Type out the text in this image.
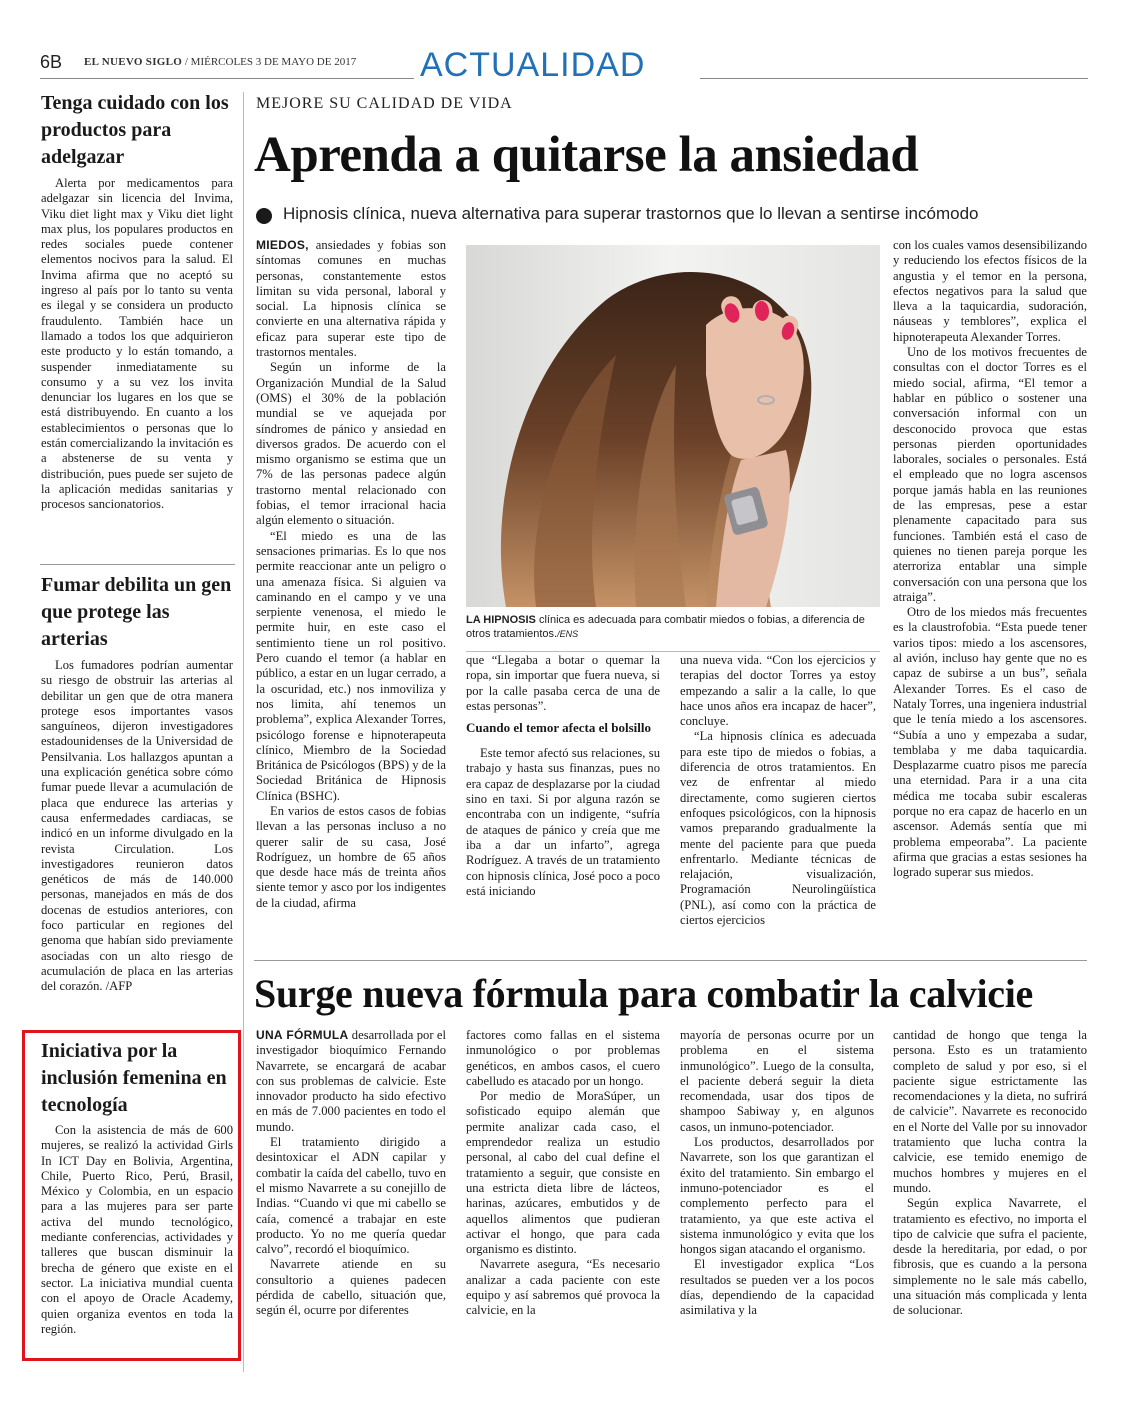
6B EL NUEVO SIGLO / MIÉRCOLES 3 DE MAYO DE 2017 ACTUALIDAD
Tenga cuidado con los productos para adelgazar

Alerta por medicamentos para adelgazar sin licencia del Invima, Viku diet light max y Viku diet light max plus, los populares productos en redes sociales puede contener elementos nocivos para la salud. El Invima afirma que no aceptó su ingreso al país por lo tanto su venta es ilegal y se considera un producto fraudulento. También hace un llamado a todos los que adquirieron este producto y lo están tomando, a suspender inmediatamente su consumo y a su vez los invita denunciar los lugares en los que se está distribuyendo. En cuanto a los establecimientos o personas que lo están comercializando la invitación es a abstenerse de su venta y distribución, pues puede ser sujeto de la aplicación medidas sanitarias y procesos sancionatorios.

Fumar debilita un gen que protege las arterias

Los fumadores podrían aumentar su riesgo de obstruir las arterias al debilitar un gen que de otra manera protege esos importantes vasos sanguíneos, dijeron investigadores estadounidenses de la Universidad de Pensilvania. Los hallazgos apuntan a una explicación genética sobre cómo fumar puede llevar a acumulación de placa que endurece las arterias y causa enfermedades cardiacas, se indicó en un informe divulgado en la revista Circulation. Los investigadores reunieron datos genéticos de más de 140.000 personas, manejados en más de dos docenas de estudios anteriores, con foco particular en regiones del genoma que habían sido previamente asociadas con un alto riesgo de acumulación de placa en las arterias del corazón. /AFP

Iniciativa por la inclusión femenina en tecnología

Con la asistencia de más de 600 mujeres, se realizó la actividad Girls In ICT Day en Bolivia, Argentina, Chile, Puerto Rico, Perú, Brasil, México y Colombia, en un espacio para a las mujeres para ser parte activa del mundo tecnológico, mediante conferencias, actividades y talleres que buscan disminuir la brecha de género que existe en el sector. La iniciativa mundial cuenta con el apoyo de Oracle Academy, quien organiza eventos en toda la región.

MEJORE SU CALIDAD DE VIDA
Aprenda a quitarse la ansiedad
Hipnosis clínica, nueva alternativa para superar trastornos que lo llevan a sentirse incómodo

MIEDOS, ansiedades y fobias son síntomas comunes en muchas personas, constantemente estos limitan su vida personal, laboral y social. La hipnosis clínica se convierte en una alternativa rápida y eficaz para superar este tipo de trastornos mentales.

Según un informe de la Organización Mundial de la Salud (OMS) el 30% de la población mundial se ve aquejada por síndromes de pánico y ansiedad en diversos grados. De acuerdo con el mismo organismo se estima que un 7% de las personas padece algún trastorno mental relacionado con fobias, el temor irracional hacia algún elemento o situación.

“El miedo es una de las sensaciones primarias. Es lo que nos permite reaccionar ante un peligro o una amenaza física. Si alguien va caminando en el campo y ve una serpiente venenosa, el miedo le permite huir, en este caso el sentimiento tiene un rol positivo. Pero cuando el temor (a hablar en público, a estar en un lugar cerrado, a la oscuridad, etc.) nos inmoviliza y nos limita, ahí tenemos un problema”, explica Alexander Torres, psicólogo forense e hipnoterapeuta clínico, Miembro de la Sociedad Británica de Psicólogos (BPS) y de la Sociedad Británica de Hipnosis Clínica (BSHC).

En varios de estos casos de fobias llevan a las personas incluso a no querer salir de su casa, José Rodríguez, un hombre de 65 años que desde hace más de treinta años siente temor y asco por los indigentes de la ciudad, afirma

LA HIPNOSIS clínica es adecuada para combatir miedos o fobias, a diferencia de otros tratamientos./ENS

que “Llegaba a botar o quemar la ropa, sin importar que fuera nueva, si por la calle pasaba cerca de una de estas personas”.

Cuando el temor afecta el bolsillo

Este temor afectó sus relaciones, su trabajo y hasta sus finanzas, pues no era capaz de desplazarse por la ciudad sino en taxi. Si por alguna razón se encontraba con un indigente, “sufría de ataques de pánico y creía que me iba a dar un infarto”, agrega Rodríguez. A través de un tratamiento con hipnosis clínica, José poco a poco está iniciando

una nueva vida. “Con los ejercicios y terapias del doctor Torres ya estoy empezando a salir a la calle, lo que hace unos años era incapaz de hacer”, concluye.

“La hipnosis clínica es adecuada para este tipo de miedos o fobias, a diferencia de otros tratamientos. En vez de enfrentar al miedo directamente, como sugieren ciertos enfoques psicológicos, con la hipnosis vamos preparando gradualmente la mente del paciente para que pueda enfrentarlo. Mediante técnicas de relajación, visualización, Programación Neurolingüística (PNL), así como con la práctica de ciertos ejercicios

con los cuales vamos desensibilizando y reduciendo los efectos físicos de la angustia y el temor en la persona, efectos negativos para la salud que lleva a la taquicardia, sudoración, náuseas y temblores”, explica el hipnoterapeuta Alexander Torres.

Uno de los motivos frecuentes de consultas con el doctor Torres es el miedo social, afirma, “El temor a hablar en público o sostener una conversación informal con un desconocido provoca que estas personas pierden oportunidades laborales, sociales o personales. Está el empleado que no logra ascensos porque jamás habla en las reuniones de las empresas, pese a estar plenamente capacitado para sus funciones. También está el caso de quienes no tienen pareja porque les aterroriza entablar una simple conversación con una persona que los atraiga”.

Otro de los miedos más frecuentes es la claustrofobia. “Esta puede tener varios tipos: miedo a los ascensores, al avión, incluso hay gente que no es capaz de subirse a un bus”, señala Alexander Torres. Es el caso de Nataly Torres, una ingeniera industrial que le tenía miedo a los ascensores. “Subía a uno y empezaba a sudar, temblaba y me daba taquicardia. Desplazarme cuatro pisos me parecía una eternidad. Para ir a una cita médica me tocaba subir escaleras porque no era capaz de hacerlo en un ascensor. Además sentía que mi problema empeoraba”. La paciente afirma que gracias a estas sesiones ha logrado superar sus miedos.

Surge nueva fórmula para combatir la calvicie

UNA FÓRMULA desarrollada por el investigador bioquímico Fernando Navarrete, se encargará de acabar con sus problemas de calvicie. Este innovador producto ha sido efectivo en más de 7.000 pacientes en todo el mundo.

El tratamiento dirigido a desintoxicar el ADN capilar y combatir la caída del cabello, tuvo en el mismo Navarrete a su conejillo de Indias. “Cuando vi que mi cabello se caía, comencé a trabajar en este producto. Yo no me quería quedar calvo”, recordó el bioquímico.

Navarrete atiende en su consultorio a quienes padecen pérdida de cabello, situación que, según él, ocurre por diferentes

factores como fallas en el sistema inmunológico o por problemas genéticos, en ambos casos, el cuero cabelludo es atacado por un hongo.

Por medio de MoraSúper, un sofisticado equipo alemán que permite analizar cada caso, el emprendedor realiza un estudio personal, al cabo del cual define el tratamiento a seguir, que consiste en una estricta dieta libre de lácteos, harinas, azúcares, embutidos y de aquellos alimentos que pudieran activar el hongo, que para cada organismo es distinto.

Navarrete asegura, “Es necesario analizar a cada paciente con este equipo y así sabremos qué provoca la calvicie, en la

mayoría de personas ocurre por un problema en el sistema inmunológico”. Luego de la consulta, el paciente deberá seguir la dieta recomendada, usar dos tipos de shampoo Sabiway y, en algunos casos, un inmuno-potenciador.

Los productos, desarrollados por Navarrete, son los que garantizan el éxito del tratamiento. Sin embargo el inmuno-potenciador es el complemento perfecto para el tratamiento, ya que este activa el sistema inmunológico y evita que los hongos sigan atacando el organismo.

El investigador explica “Los resultados se pueden ver a los pocos días, dependiendo de la capacidad asimilativa y la

cantidad de hongo que tenga la persona. Esto es un tratamiento completo de salud y por eso, si el paciente sigue estrictamente las recomendaciones y la dieta, no sufrirá de calvicie”. Navarrete es reconocido en el Norte del Valle por su innovador tratamiento que lucha contra la calvicie, ese temido enemigo de muchos hombres y mujeres en el mundo.

Según explica Navarrete, el tratamiento es efectivo, no importa el tipo de calvicie que sufra el paciente, desde la hereditaria, por edad, o por fibrosis, que es cuando a la persona simplemente no le sale más cabello, una situación más complicada y lenta de solucionar.
